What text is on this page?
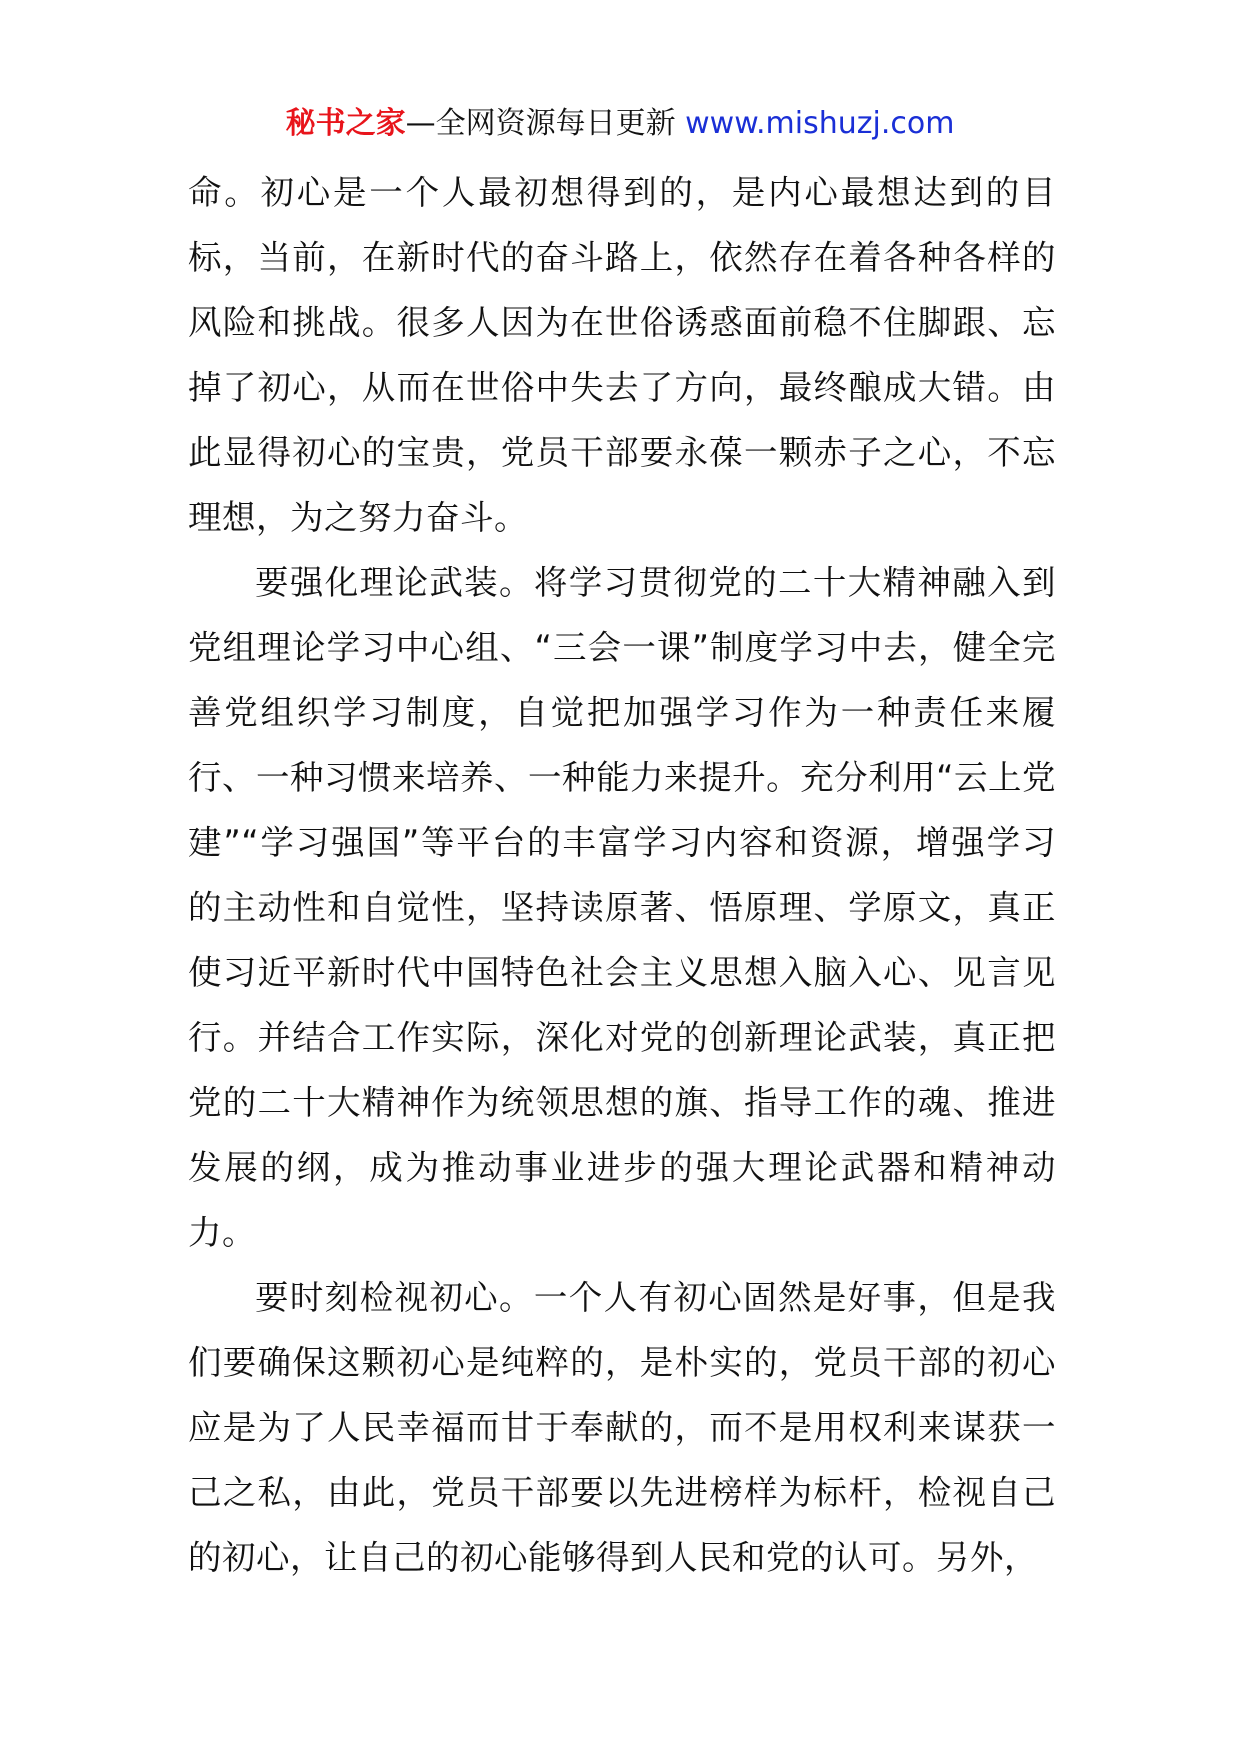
秘书之家—全网资源每日更新 www.mishuzj.com

命。初心是一个人最初想得到的，是内心最想达到的目标，当前，在新时代的奋斗路上，依然存在着各种各样的风险和挑战。很多人因为在世俗诱惑面前稳不住脚跟、忘掉了初心，从而在世俗中失去了方向，最终酿成大错。由此显得初心的宝贵，党员干部要永葆一颗赤子之心，不忘理想，为之努力奋斗。

要强化理论武装。将学习贯彻党的二十大精神融入到党组理论学习中心组、“三会一课”制度学习中去，健全完善党组织学习制度，自觉把加强学习作为一种责任来履行、一种习惯来培养、一种能力来提升。充分利用“云上党建”“学习强国”等平台的丰富学习内容和资源，增强学习的主动性和自觉性，坚持读原著、悟原理、学原文，真正使习近平新时代中国特色社会主义思想入脑入心、见言见行。并结合工作实际，深化对党的创新理论武装，真正把党的二十大精神作为统领思想的旗、指导工作的魂、推进发展的纲，成为推动事业进步的强大理论武器和精神动力。

要时刻检视初心。一个人有初心固然是好事，但是我们要确保这颗初心是纯粹的，是朴实的，党员干部的初心应是为了人民幸福而甘于奉献的，而不是用权利来谋获一己之私，由此，党员干部要以先进榜样为标杆，检视自己的初心，让自己的初心能够得到人民和党的认可。另外，
